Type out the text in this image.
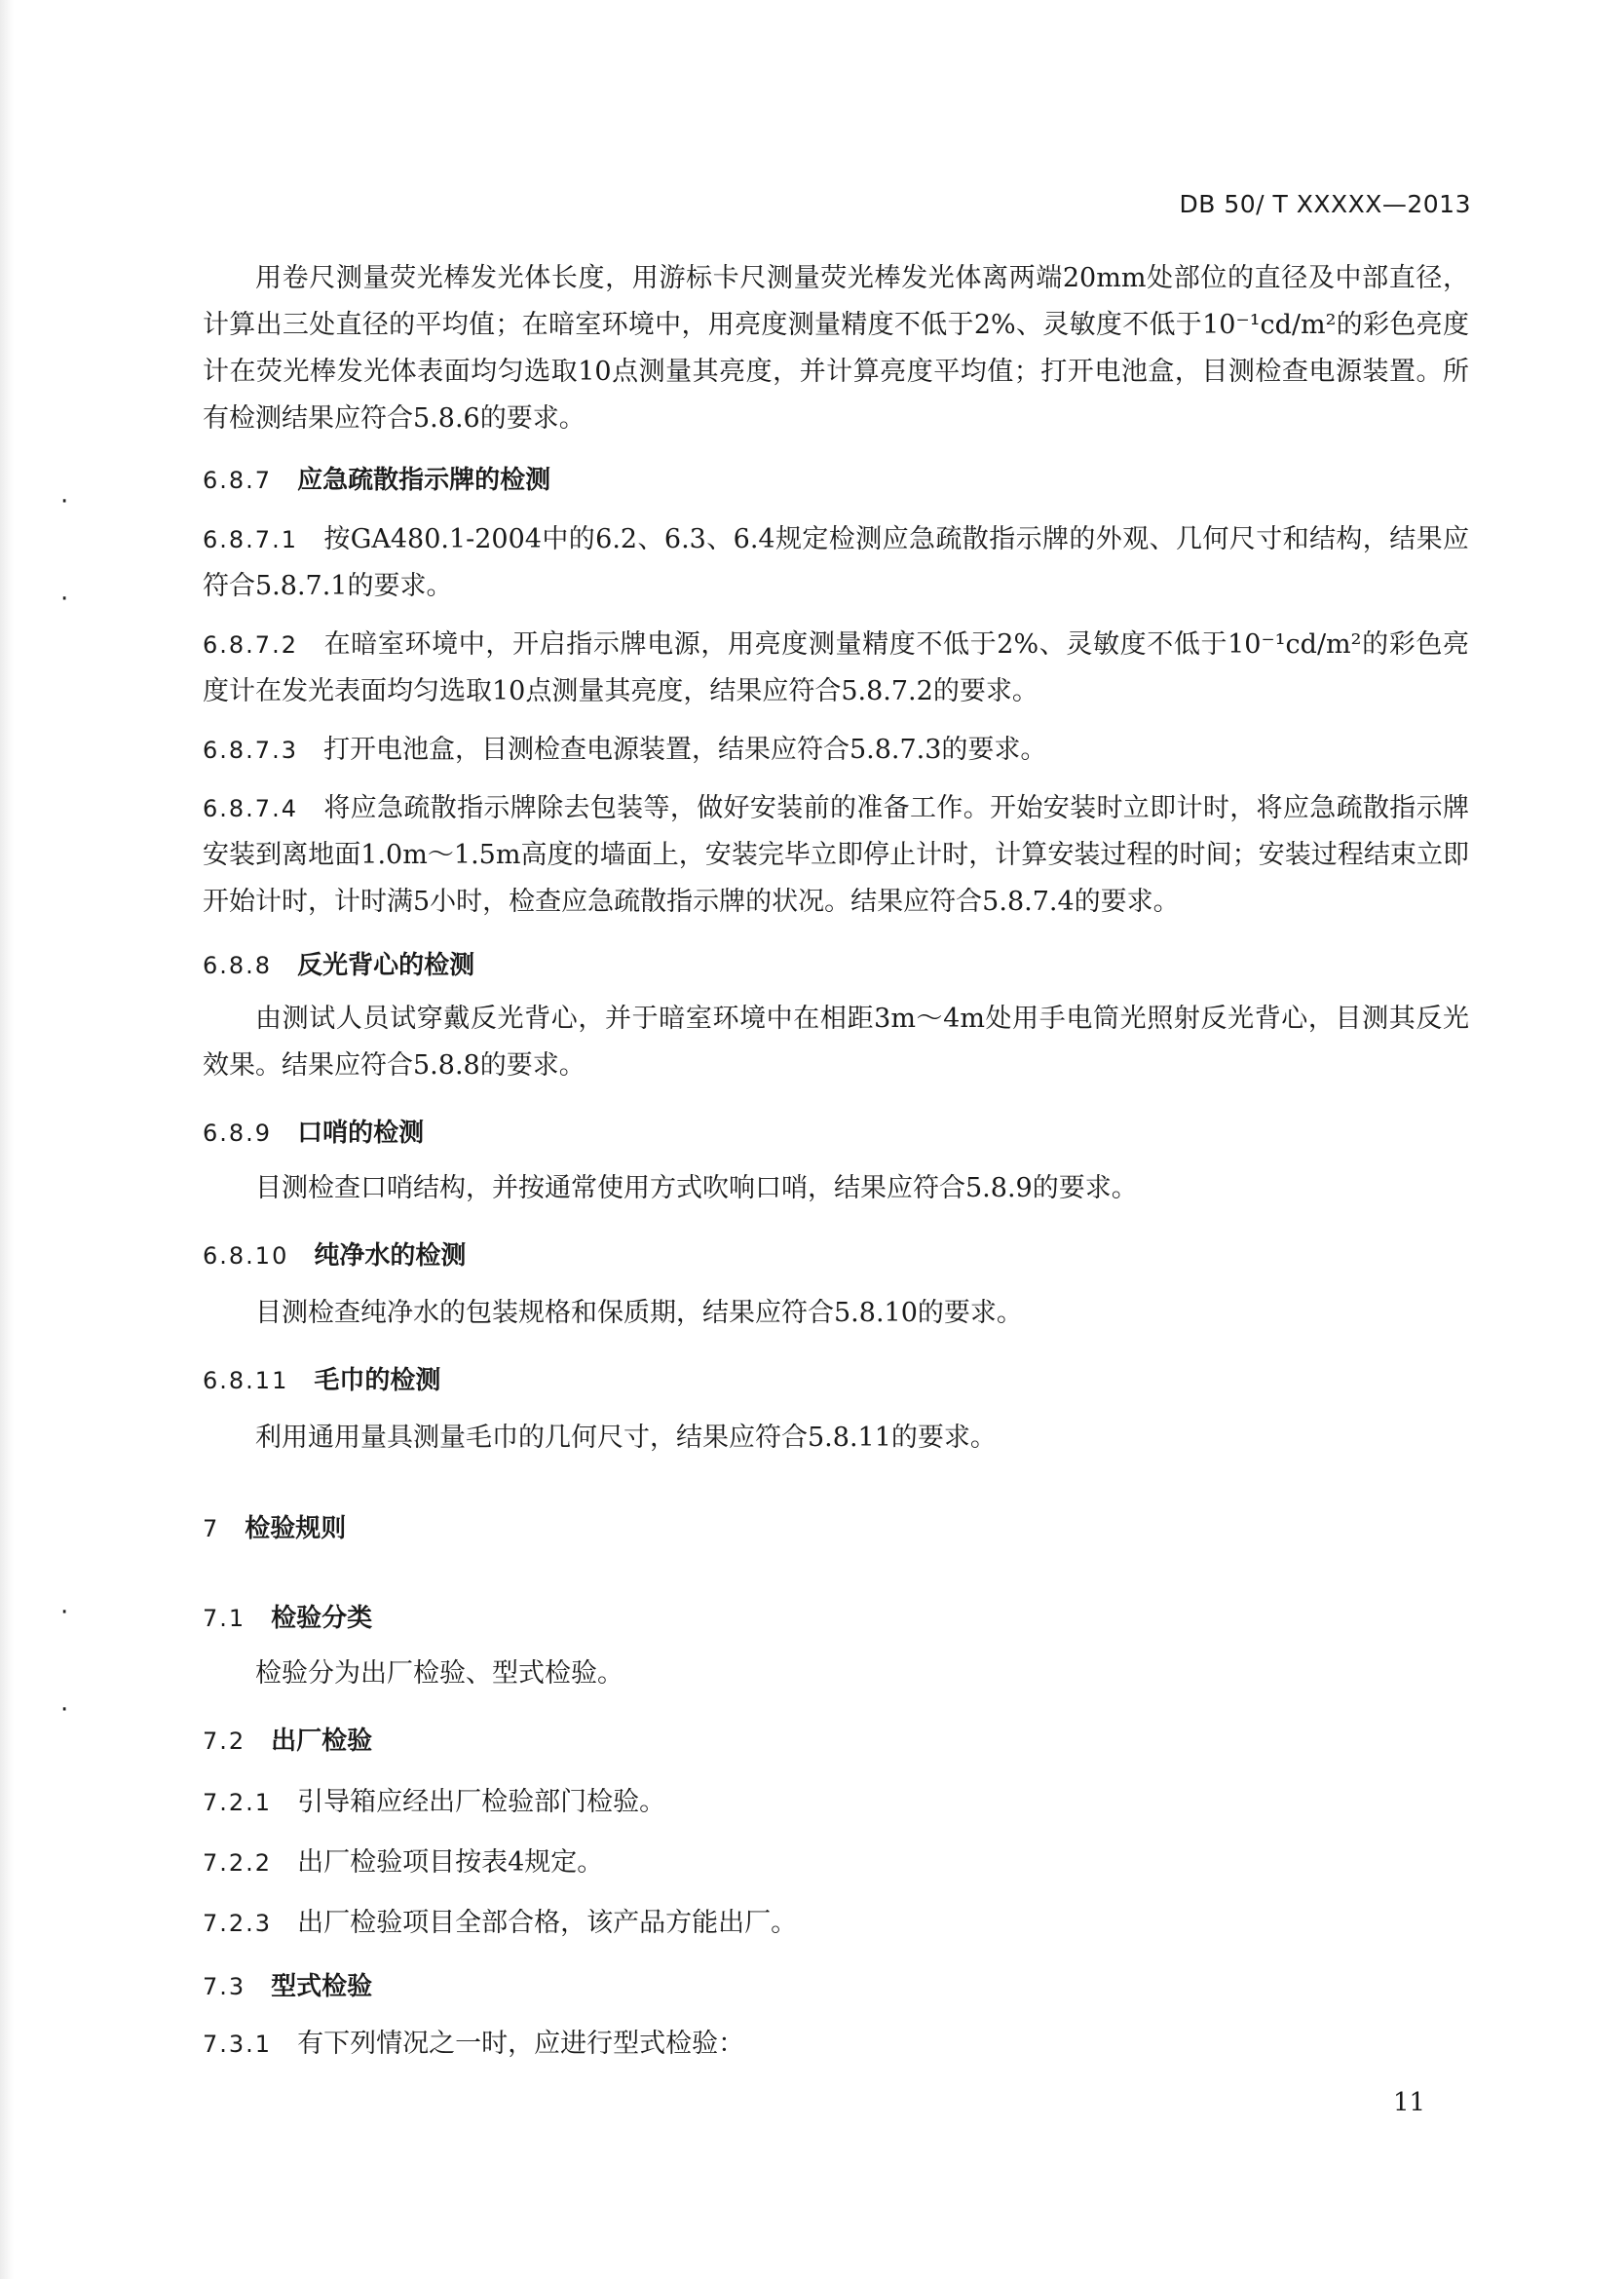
DB 50/ T XXXXX—2013

用卷尺测量荧光棒发光体长度，用游标卡尺测量荧光棒发光体离两端20mm处部位的直径及中部直径，计算出三处直径的平均值；在暗室环境中，用亮度测量精度不低于2%、灵敏度不低于10⁻¹cd/m²的彩色亮度计在荧光棒发光体表面均匀选取10点测量其亮度，并计算亮度平均值；打开电池盒，目测检查电源装置。所有检测结果应符合5.8.6的要求。

6.8.7 应急疏散指示牌的检测

6.8.7.1 按GA480.1-2004中的6.2、6.3、6.4规定检测应急疏散指示牌的外观、几何尺寸和结构，结果应符合5.8.7.1的要求。

6.8.7.2 在暗室环境中，开启指示牌电源，用亮度测量精度不低于2%、灵敏度不低于10⁻¹cd/m²的彩色亮度计在发光表面均匀选取10点测量其亮度，结果应符合5.8.7.2的要求。

6.8.7.3 打开电池盒，目测检查电源装置，结果应符合5.8.7.3的要求。

6.8.7.4 将应急疏散指示牌除去包装等，做好安装前的准备工作。开始安装时立即计时，将应急疏散指示牌安装到离地面1.0m～1.5m高度的墙面上，安装完毕立即停止计时，计算安装过程的时间；安装过程结束立即开始计时，计时满5小时，检查应急疏散指示牌的状况。结果应符合5.8.7.4的要求。

6.8.8 反光背心的检测

由测试人员试穿戴反光背心，并于暗室环境中在相距3m～4m处用手电筒光照射反光背心，目测其反光效果。结果应符合5.8.8的要求。

6.8.9 口哨的检测

目测检查口哨结构，并按通常使用方式吹响口哨，结果应符合5.8.9的要求。

6.8.10 纯净水的检测

目测检查纯净水的包装规格和保质期，结果应符合5.8.10的要求。

6.8.11 毛巾的检测

利用通用量具测量毛巾的几何尺寸，结果应符合5.8.11的要求。

7 检验规则
7.1 检验分类

检验分为出厂检验、型式检验。

7.2 出厂检验

7.2.1 引导箱应经出厂检验部门检验。

7.2.2 出厂检验项目按表4规定。

7.2.3 出厂检验项目全部合格，该产品方能出厂。

7.3 型式检验

7.3.1 有下列情况之一时，应进行型式检验：

11
·
·
·
·
